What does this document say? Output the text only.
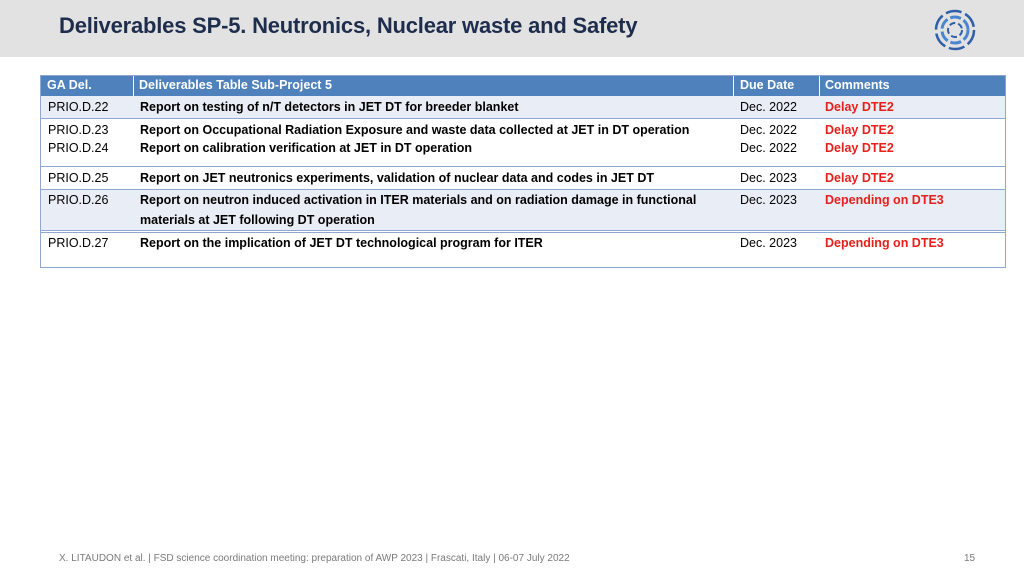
Deliverables SP-5. Neutronics, Nuclear waste and Safety
GA Del.	Deliverables Table Sub-Project 5	Due Date Comments
PRIO.D.22	Report on testing of n/T detectors in JET DT for breeder blanket	Dec. 2022 Delay DTE2
PRIO.D.23	Report on Occupational Radiation Exposure and waste data collected at JET in DT operation	Dec. 2022 Delay DTE2
PRIO.D.24	Report on calibration verification at JET in DT operation	Dec. 2022 Delay DTE2
PRIO.D.25	Report on JET neutronics experiments, validation of nuclear data and codes in JET DT	Dec. 2023 Delay DTE2
PRIO.D.26	Report on neutron induced activation in ITER materials and on radiation damage in functional
materials at JET following DT operation
Dec. 2023 Depending on DTE3
PRIO.D.27	Report on the implication of JET DT technological program for ITER	Dec. 2023 Depending on DTE3
X. LITAUDON et al. | FSD science coordination meeting: preparation of AWP 2023 | Frascati, Italy | 06-07 July 2022	15
